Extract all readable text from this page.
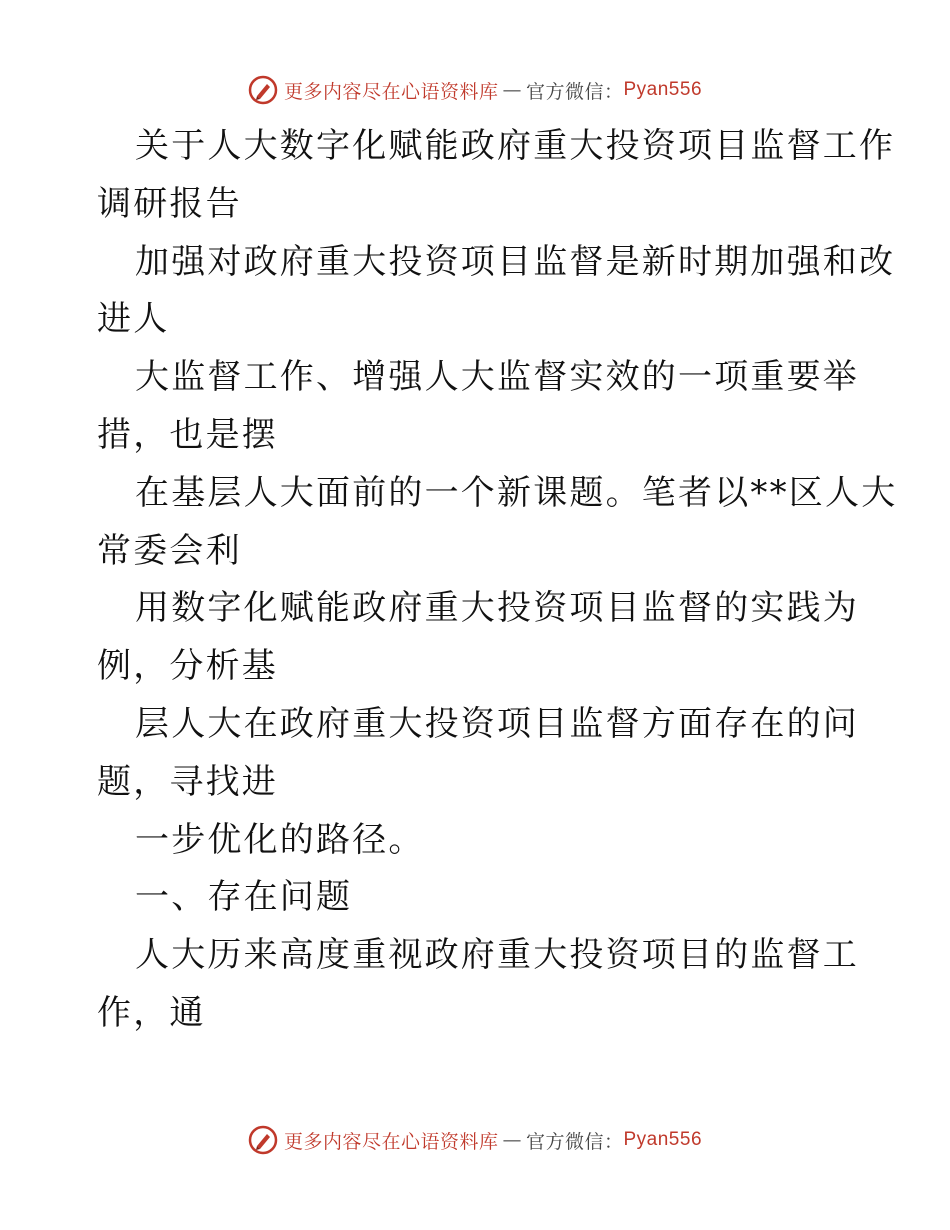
更多内容尽在心语资料库 — 官方微信： Pyan556
关于人大数字化赋能政府重大投资项目监督工作
调研报告
加强对政府重大投资项目监督是新时期加强和改
进人
大监督工作、增强人大监督实效的一项重要举
措，也是摆
在基层人大面前的一个新课题。笔者以**区人大
常委会利
用数字化赋能政府重大投资项目监督的实践为
例，分析基
层人大在政府重大投资项目监督方面存在的问
题，寻找进
一步优化的路径。
一、存在问题
人大历来高度重视政府重大投资项目的监督工
作，通
更多内容尽在心语资料库 — 官方微信： Pyan556
